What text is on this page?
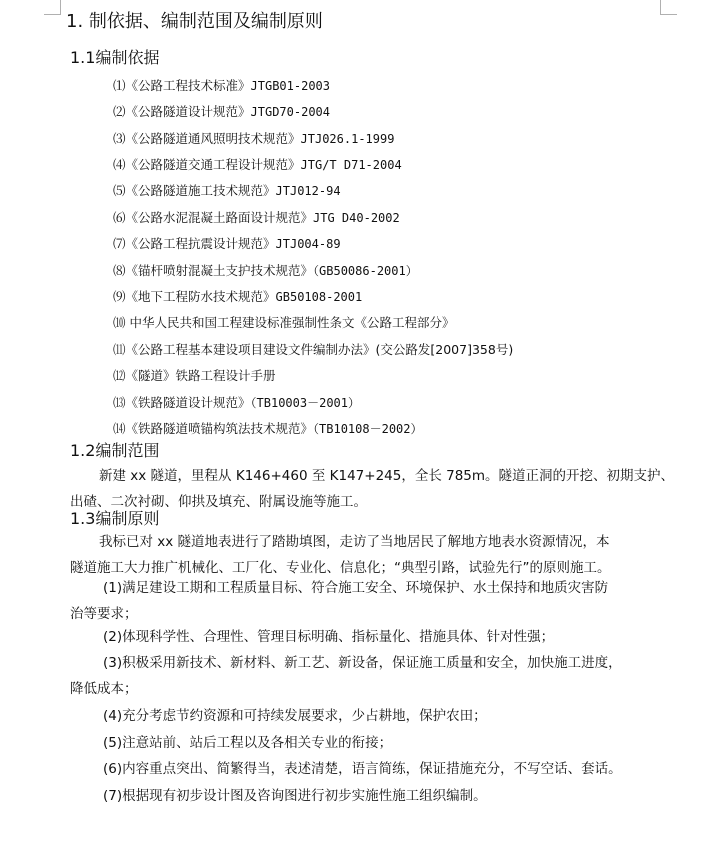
1. 制依据、编制范围及编制原则
1.1编制依据
⑴《公路工程技术标准》JTGB01-2003
⑵《公路隧道设计规范》JTGD70-2004
⑶《公路隧道通风照明技术规范》JTJ026.1-1999
⑷《公路隧道交通工程设计规范》JTG/T D71-2004
⑸《公路隧道施工技术规范》JTJ012-94
⑹《公路水泥混凝土路面设计规范》JTG D40-2002
⑺《公路工程抗震设计规范》JTJ004-89
⑻《锚杆喷射混凝土支护技术规范》（GB50086-2001）
⑼《地下工程防水技术规范》GB50108-2001
⑽ 中华人民共和国工程建设标准强制性条文《公路工程部分》
⑾《公路工程基本建设项目建设文件编制办法》(交公路发[2007]358号)
⑿《隧道》铁路工程设计手册
⒀《铁路隧道设计规范》（TB10003－2001）
⒁《铁路隧道喷锚构筑法技术规范》（TB10108－2002）
1.2编制范围
新建 xx 隧道，里程从 K146+460 至 K147+245，全长 785m。隧道正洞的开挖、初期支护、
出碴、二次衬砌、仰拱及填充、附属设施等施工。
1.3编制原则
我标已对 xx 隧道地表进行了踏勘填图，走访了当地居民了解地方地表水资源情况，本
隧道施工大力推广机械化、工厂化、专业化、信息化；“典型引路，试验先行”的原则施工。
(1)满足建设工期和工程质量目标、符合施工安全、环境保护、水土保持和地质灾害防
治等要求；
(2)体现科学性、合理性、管理目标明确、指标量化、措施具体、针对性强；
(3)积极采用新技术、新材料、新工艺、新设备，保证施工质量和安全，加快施工进度，
降低成本；
(4)充分考虑节约资源和可持续发展要求，少占耕地，保护农田；
(5)注意站前、站后工程以及各相关专业的衔接；
(6)内容重点突出、简繁得当，表述清楚，语言简练，保证措施充分，不写空话、套话。
(7)根据现有初步设计图及咨询图进行初步实施性施工组织编制。
